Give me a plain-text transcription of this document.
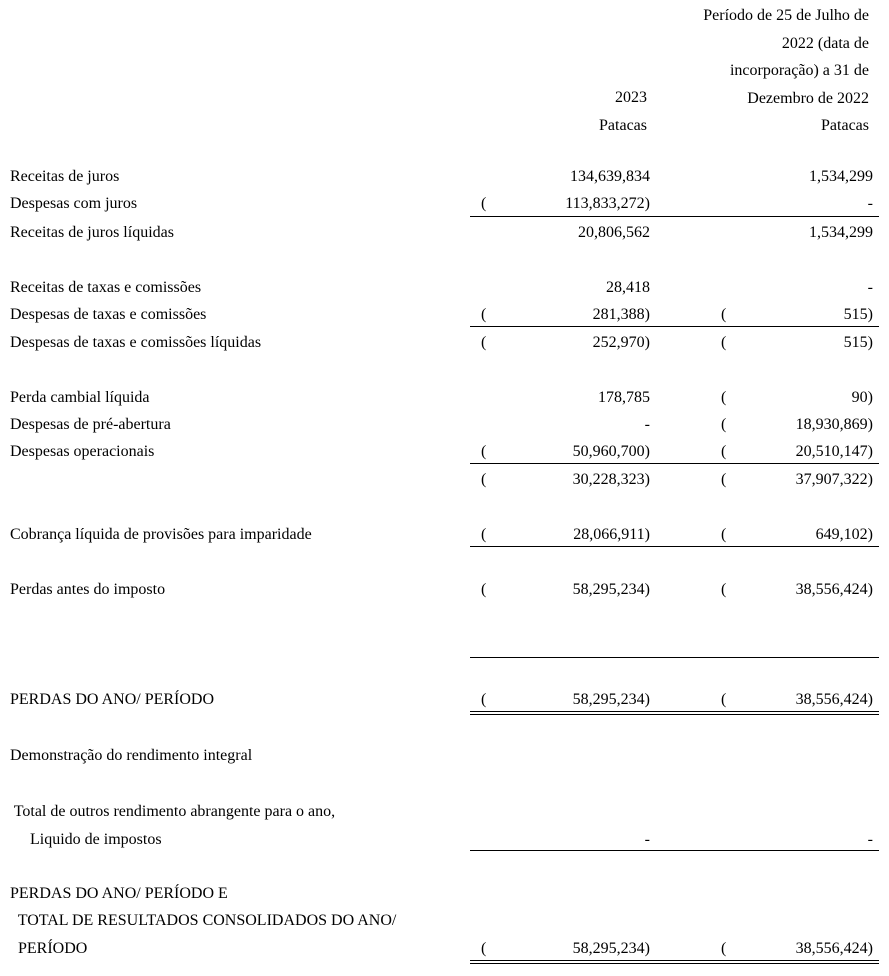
2023
Patacas
Período de 25 de Julho de
2022 (data de
incorporação) a 31 de
Dezembro de 2022
Patacas
Receitas de juros	134,639,834	1,534,299
Despesas com juros	(	113,833,272)	-
Receitas de juros líquidas	20,806,562	1,534,299
Receitas de taxas e comissões	28,418	-
Despesas de taxas e comissões	(	281,388)	(	515)
Despesas de taxas e comissões líquidas	(	252,970)	(	515)
Perda cambial líquida	178,785	(	90)
Despesas de pré-abertura	-	(	18,930,869)
Despesas operacionais	(	50,960,700)	(	20,510,147)
(	30,228,323)	(	37,907,322)
Cobrança líquida de provisões para imparidade	(	28,066,911)	(	649,102)
Perdas antes do imposto	(	58,295,234)	(	38,556,424)
PERDAS DO ANO/ PERÍODO	(	58,295,234)	(	38,556,424)
Demonstração do rendimento integral
Total de outros rendimento abrangente para o ano,
Liquido de impostos	-	-
PERDAS DO ANO/ PERÍODO E
TOTAL DE RESULTADOS CONSOLIDADOS DO ANO/
PERÍODO	(	58,295,234)	(	38,556,424)
